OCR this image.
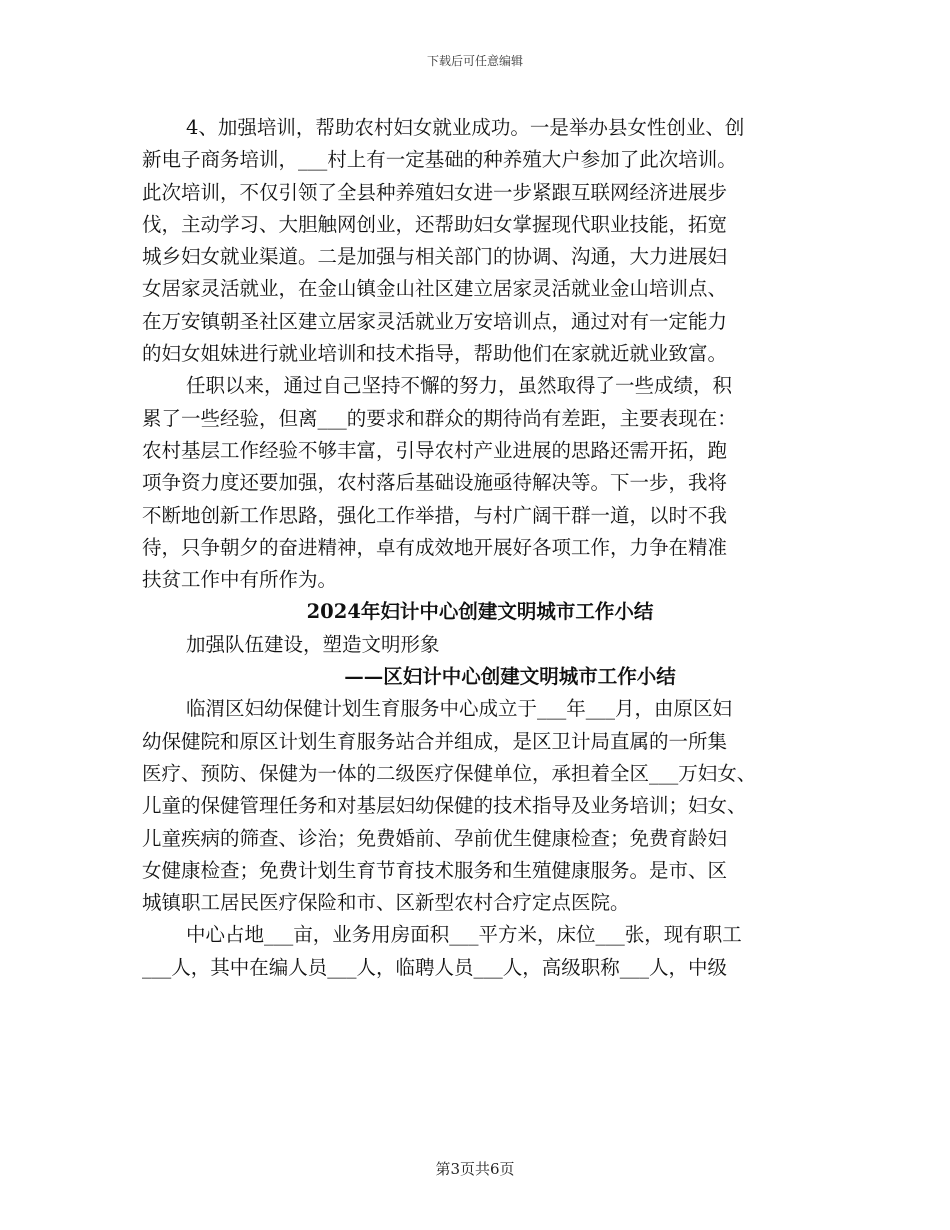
下载后可任意编辑
4、加强培训，帮助农村妇女就业成功。一是举办县女性创业、创
新电子商务培训，___村上有一定基础的种养殖大户参加了此次培训。
此次培训，不仅引领了全县种养殖妇女进一步紧跟互联网经济进展步
伐，主动学习、大胆触网创业，还帮助妇女掌握现代职业技能，拓宽
城乡妇女就业渠道。二是加强与相关部门的协调、沟通，大力进展妇
女居家灵活就业，在金山镇金山社区建立居家灵活就业金山培训点、
在万安镇朝圣社区建立居家灵活就业万安培训点，通过对有一定能力
的妇女姐妹进行就业培训和技术指导，帮助他们在家就近就业致富。
任职以来，通过自己坚持不懈的努力，虽然取得了一些成绩，积
累了一些经验，但离___的要求和群众的期待尚有差距，主要表现在：
农村基层工作经验不够丰富，引导农村产业进展的思路还需开拓，跑
项争资力度还要加强，农村落后基础设施亟待解决等。下一步，我将
不断地创新工作思路，强化工作举措，与村广阔干群一道，以时不我
待，只争朝夕的奋进精神，卓有成效地开展好各项工作，力争在精准
扶贫工作中有所作为。
2024年妇计中心创建文明城市工作小结
加强队伍建设，塑造文明形象
——区妇计中心创建文明城市工作小结
临渭区妇幼保健计划生育服务中心成立于___年___月，由原区妇
幼保健院和原区计划生育服务站合并组成，是区卫计局直属的一所集
医疗、预防、保健为一体的二级医疗保健单位，承担着全区___万妇女、
儿童的保健管理任务和对基层妇幼保健的技术指导及业务培训；妇女、
儿童疾病的筛查、诊治；免费婚前、孕前优生健康检查；免费育龄妇
女健康检查；免费计划生育节育技术服务和生殖健康服务。是市、区
城镇职工居民医疗保险和市、区新型农村合疗定点医院。
中心占地___亩，业务用房面积___平方米，床位___张，现有职工
___人，其中在编人员___人，临聘人员___人，高级职称___人，中级
第3页共6页
